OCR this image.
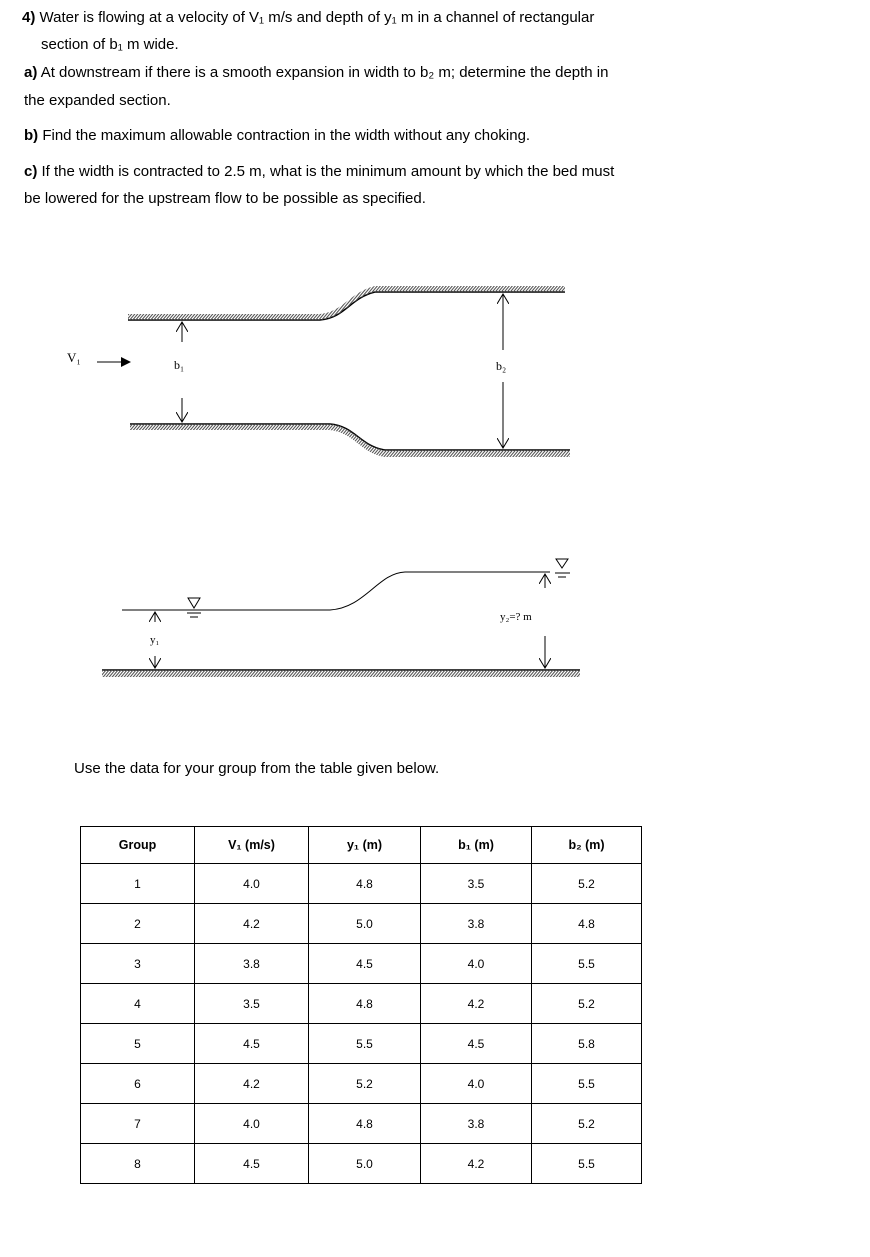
4) Water is flowing at a velocity of V₁ m/s and depth of y₁ m in a channel of rectangular
section of b₁ m wide.
a) At downstream if there is a smooth expansion in width to b₂ m; determine the depth in
the expanded section.
b) Find the maximum allowable contraction in the width without any choking.
c) If the width is contracted to 2.5 m, what is the minimum amount by which the bed must
be lowered for the upstream flow to be possible as specified.
V₁	b₁	b₂
y₁
y₂=? m
Use the data for your group from the table given below.
Group	V₁ (m/s)	y₁ (m)	b₁ (m)	b₂ (m)
1	4.0	4.8	3.5	5.2
2	4.2	5.0	3.8	4.8
3	3.8	4.5	4.0	5.5
4	3.5	4.8	4.2	5.2
5	4.5	5.5	4.5	5.8
6	4.2	5.2	4.0	5.5
7	4.0	4.8	3.8	5.2
8	4.5	5.0	4.2	5.5
